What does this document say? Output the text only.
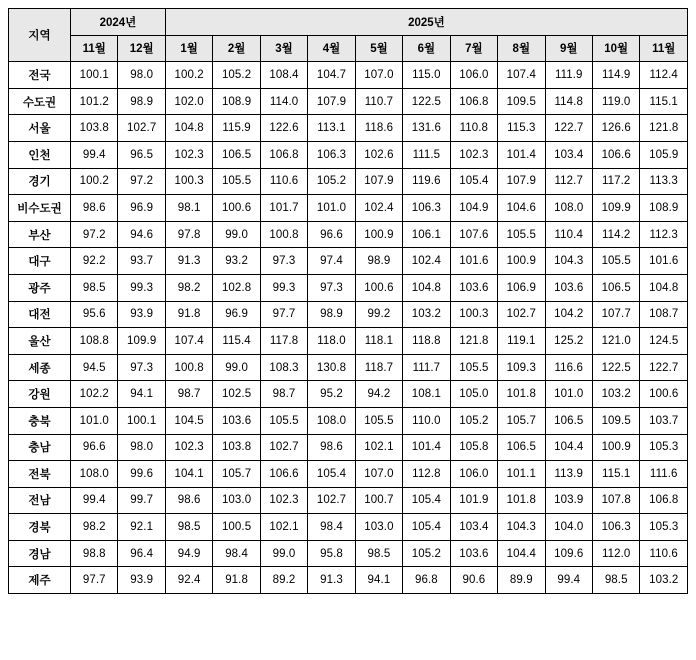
지역	2024년		2025년										
	11월	12월	1월	2월	3월	4월	5월	6월	7월	8월	9월	10월	11월
전국	100.1	98.0	100.2	105.2	108.4	104.7	107.0	115.0	106.0	107.4	111.9	114.9	112.4
수도권	101.2	98.9	102.0	108.9	114.0	107.9	110.7	122.5	106.8	109.5	114.8	119.0	115.1
서울	103.8	102.7	104.8	115.9	122.6	113.1	118.6	131.6	110.8	115.3	122.7	126.6	121.8
인천	99.4	96.5	102.3	106.5	106.8	106.3	102.6	111.5	102.3	101.4	103.4	106.6	105.9
경기	100.2	97.2	100.3	105.5	110.6	105.2	107.9	119.6	105.4	107.9	112.7	117.2	113.3
비수도권	98.6	96.9	98.1	100.6	101.7	101.0	102.4	106.3	104.9	104.6	108.0	109.9	108.9
부산	97.2	94.6	97.8	99.0	100.8	96.6	100.9	106.1	107.6	105.5	110.4	114.2	112.3
대구	92.2	93.7	91.3	93.2	97.3	97.4	98.9	102.4	101.6	100.9	104.3	105.5	101.6
광주	98.5	99.3	98.2	102.8	99.3	97.3	100.6	104.8	103.6	106.9	103.6	106.5	104.8
대전	95.6	93.9	91.8	96.9	97.7	98.9	99.2	103.2	100.3	102.7	104.2	107.7	108.7
울산	108.8	109.9	107.4	115.4	117.8	118.0	118.1	118.8	121.8	119.1	125.2	121.0	124.5
세종	94.5	97.3	100.8	99.0	108.3	130.8	118.7	111.7	105.5	109.3	116.6	122.5	122.7
강원	102.2	94.1	98.7	102.5	98.7	95.2	94.2	108.1	105.0	101.8	101.0	103.2	100.6
충북	101.0	100.1	104.5	103.6	105.5	108.0	105.5	110.0	105.2	105.7	106.5	109.5	103.7
충남	96.6	98.0	102.3	103.8	102.7	98.6	102.1	101.4	105.8	106.5	104.4	100.9	105.3
전북	108.0	99.6	104.1	105.7	106.6	105.4	107.0	112.8	106.0	101.1	113.9	115.1	111.6
전남	99.4	99.7	98.6	103.0	102.3	102.7	100.7	105.4	101.9	101.8	103.9	107.8	106.8
경북	98.2	92.1	98.5	100.5	102.1	98.4	103.0	105.4	103.4	104.3	104.0	106.3	105.3
경남	98.8	96.4	94.9	98.4	99.0	95.8	98.5	105.2	103.6	104.4	109.6	112.0	110.6
제주	97.7	93.9	92.4	91.8	89.2	91.3	94.1	96.8	90.6	89.9	99.4	98.5	103.2
